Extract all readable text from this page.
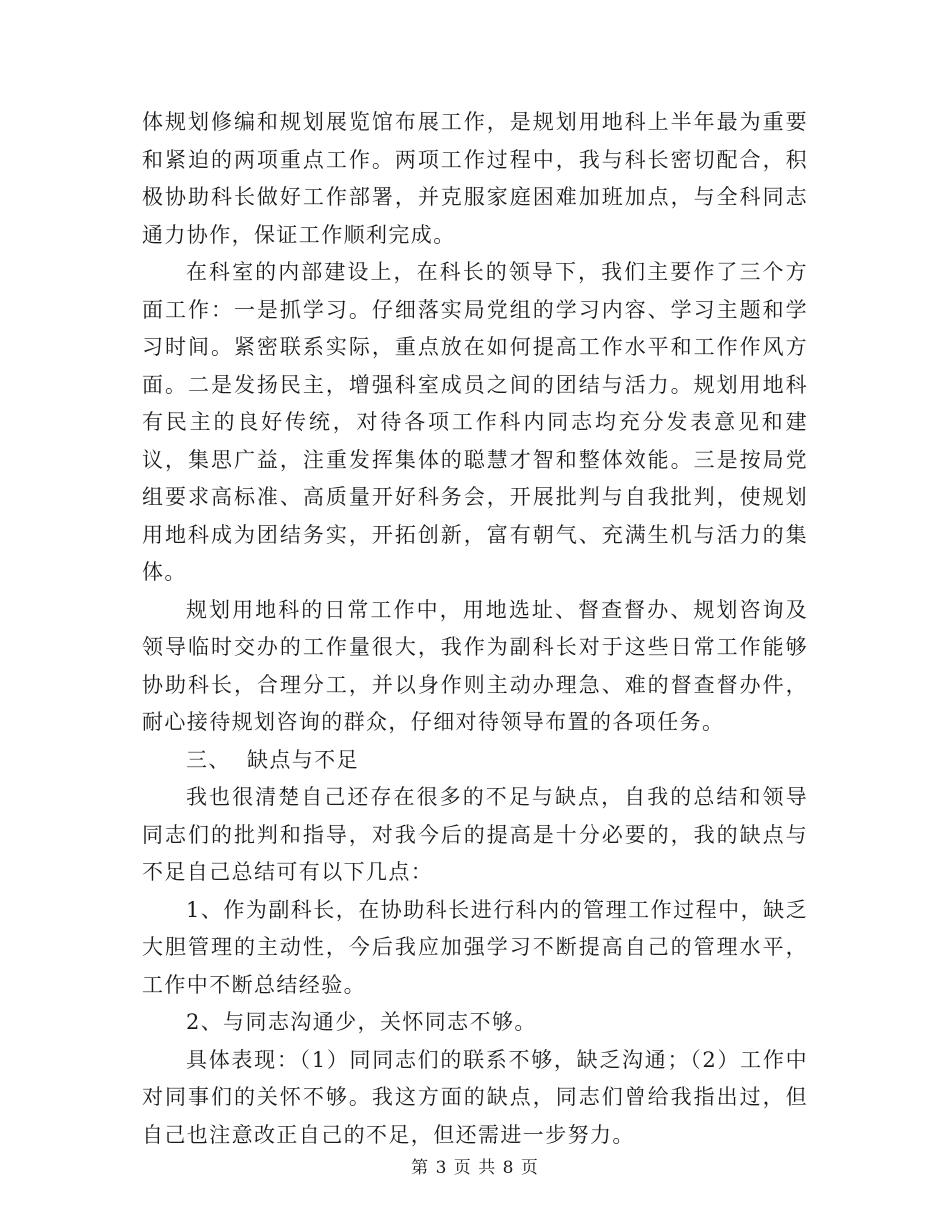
体规划修编和规划展览馆布展工作，是规划用地科上半年最为重要和紧迫的两项重点工作。两项工作过程中，我与科长密切配合，积极协助科长做好工作部署，并克服家庭困难加班加点，与全科同志通力协作，保证工作顺利完成。

在科室的内部建设上，在科长的领导下，我们主要作了三个方面工作：一是抓学习。仔细落实局党组的学习内容、学习主题和学习时间。紧密联系实际，重点放在如何提高工作水平和工作作风方面。二是发扬民主，增强科室成员之间的团结与活力。规划用地科有民主的良好传统，对待各项工作科内同志均充分发表意见和建议，集思广益，注重发挥集体的聪慧才智和整体效能。三是按局党组要求高标准、高质量开好科务会，开展批判与自我批判，使规划用地科成为团结务实，开拓创新，富有朝气、充满生机与活力的集体。

规划用地科的日常工作中，用地选址、督查督办、规划咨询及领导临时交办的工作量很大，我作为副科长对于这些日常工作能够协助科长，合理分工，并以身作则主动办理急、难的督查督办件，耐心接待规划咨询的群众，仔细对待领导布置的各项任务。

三、  缺点与不足

我也很清楚自己还存在很多的不足与缺点，自我的总结和领导同志们的批判和指导，对我今后的提高是十分必要的，我的缺点与不足自己总结可有以下几点：

1、作为副科长，在协助科长进行科内的管理工作过程中，缺乏大胆管理的主动性，今后我应加强学习不断提高自己的管理水平，工作中不断总结经验。

2、与同志沟通少，关怀同志不够。

具体表现：（1）同同志们的联系不够，缺乏沟通；（2）工作中对同事们的关怀不够。我这方面的缺点，同志们曾给我指出过，但自己也注意改正自己的不足，但还需进一步努力。

第 3 页 共 8 页
